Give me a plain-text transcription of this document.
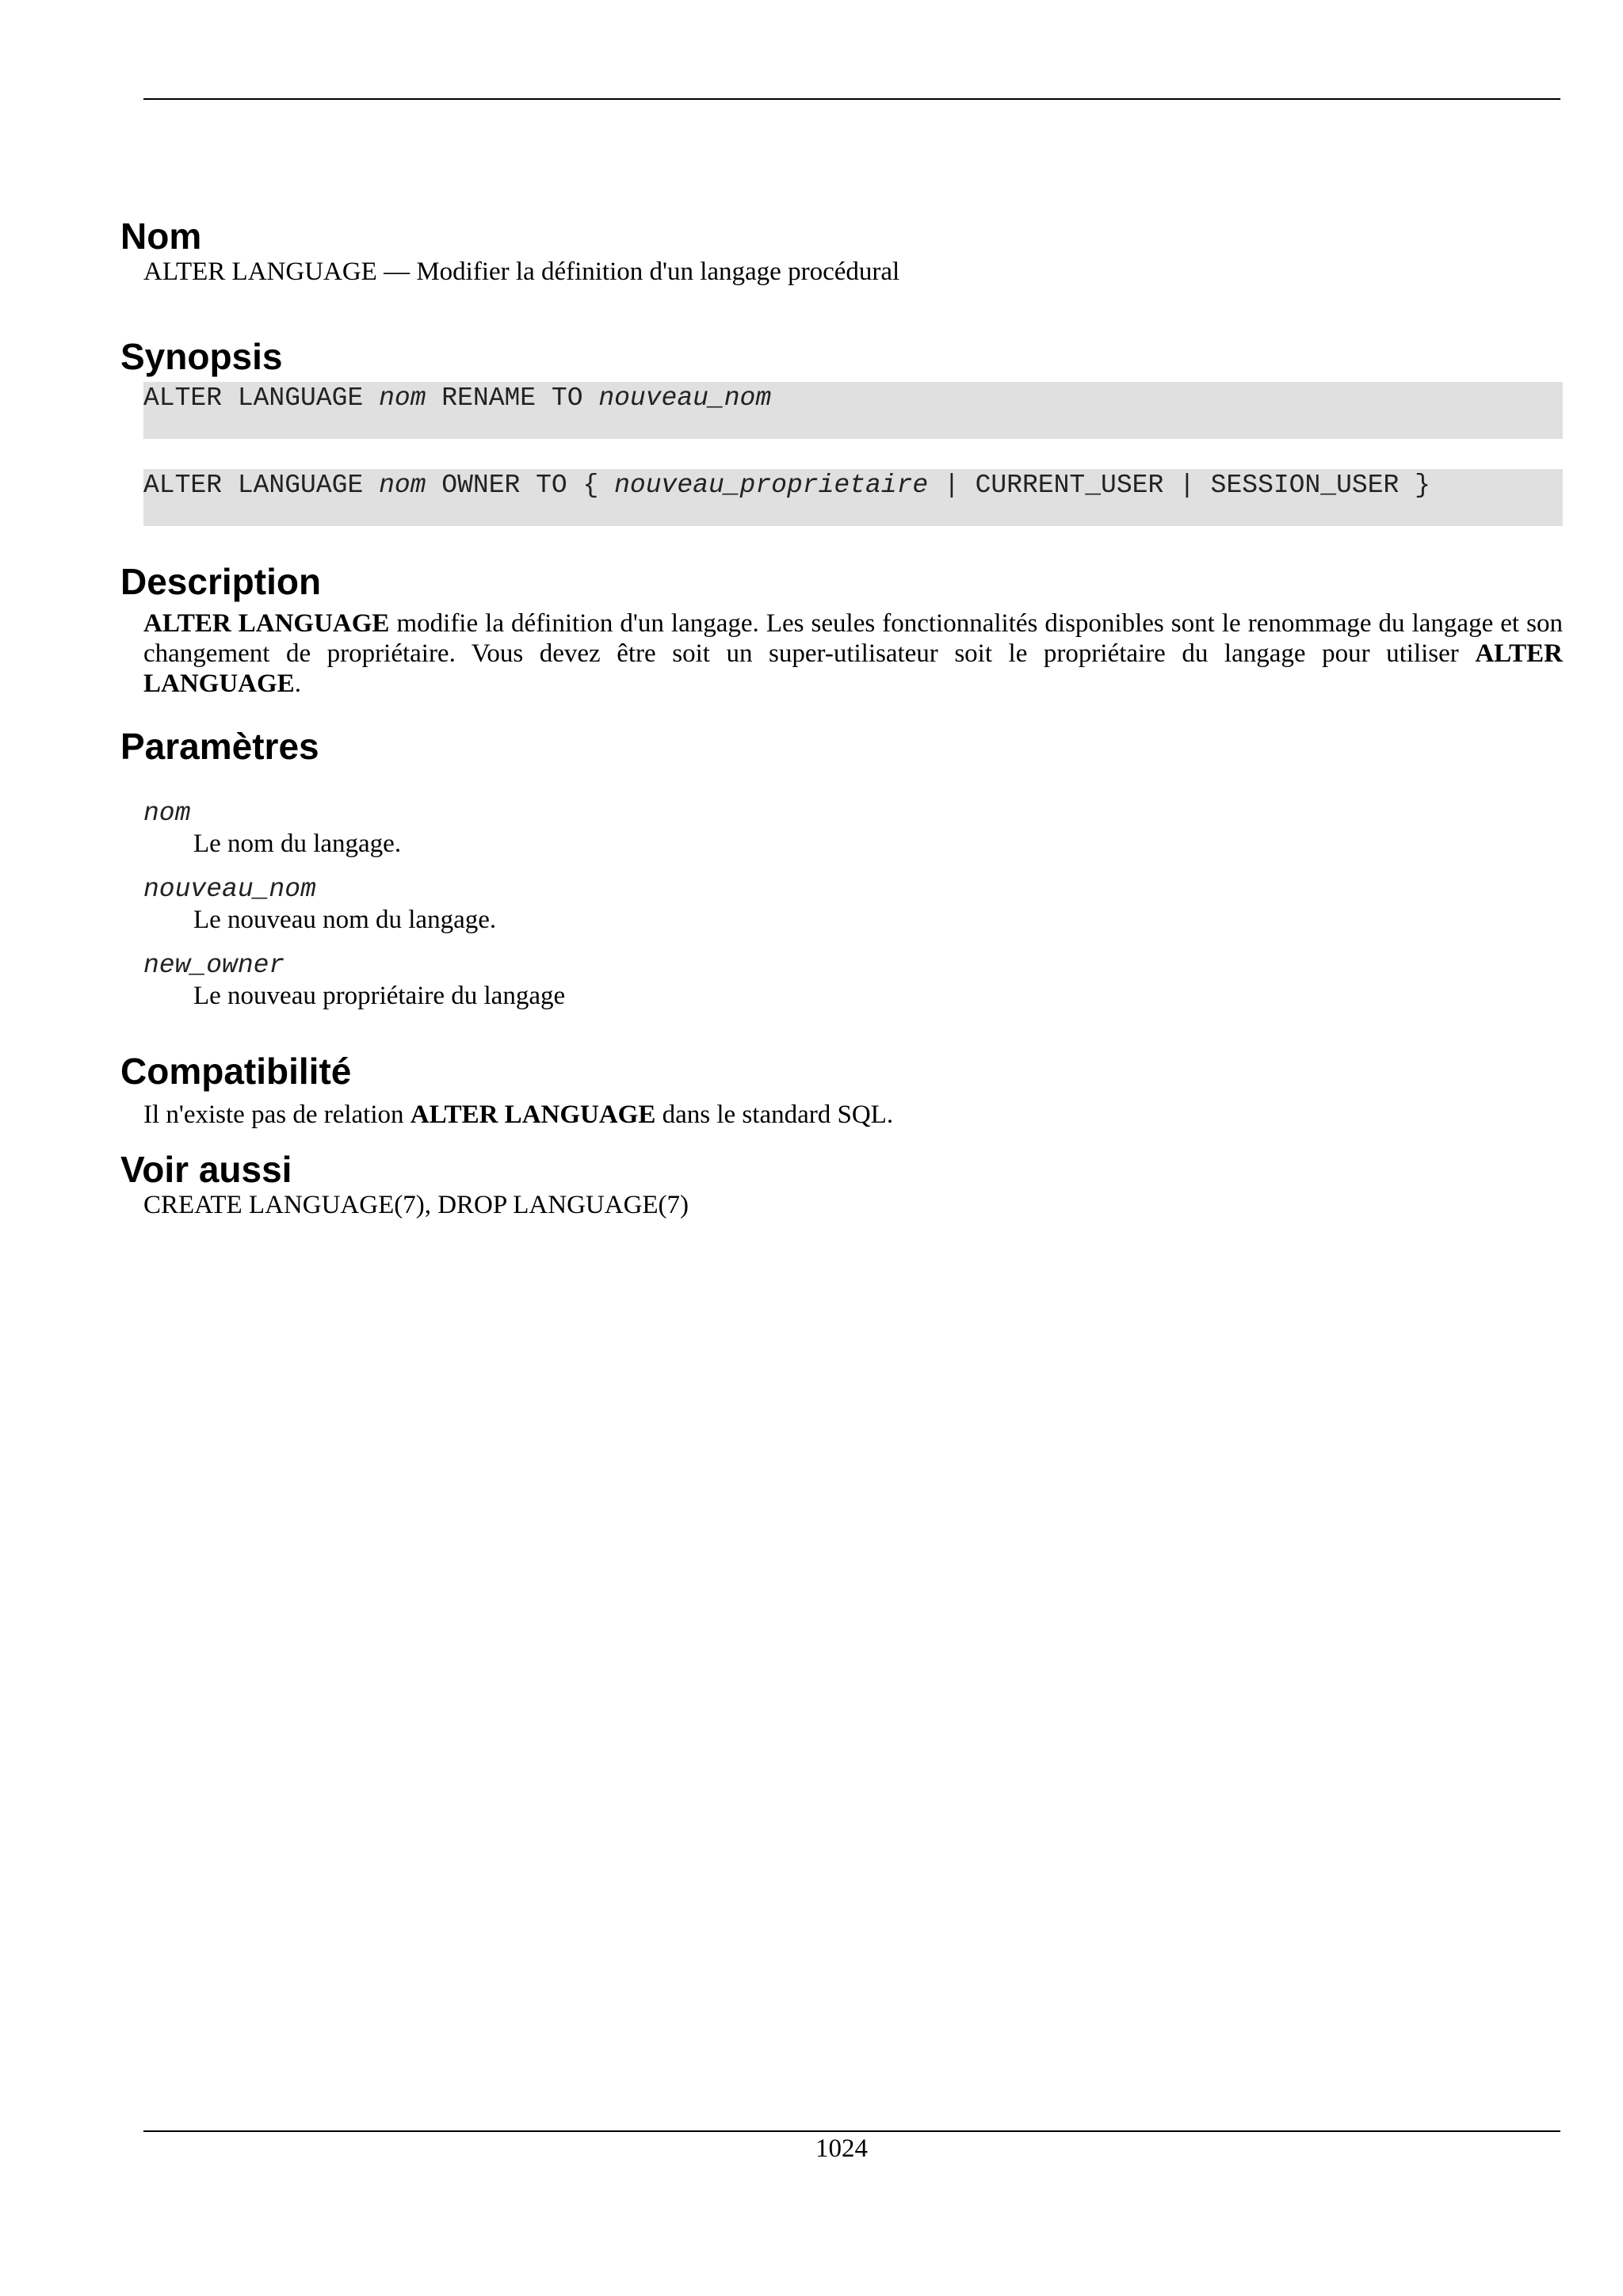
Nom
ALTER LANGUAGE — Modifier la définition d'un langage procédural
Synopsis
ALTER LANGUAGE nom RENAME TO nouveau_nom
ALTER LANGUAGE nom OWNER TO { nouveau_proprietaire | CURRENT_USER | SESSION_USER }
Description
ALTER LANGUAGE modifie la définition d'un langage. Les seules fonctionnalités disponibles sont le renommage du langage et son changement de propriétaire. Vous devez être soit un super-utilisateur soit le propriétaire du langage pour utiliser ALTER LANGUAGE.
Paramètres
nom
Le nom du langage.
nouveau_nom
Le nouveau nom du langage.
new_owner
Le nouveau propriétaire du langage
Compatibilité
Il n'existe pas de relation ALTER LANGUAGE dans le standard SQL.
Voir aussi
CREATE LANGUAGE(7), DROP LANGUAGE(7)
1024
